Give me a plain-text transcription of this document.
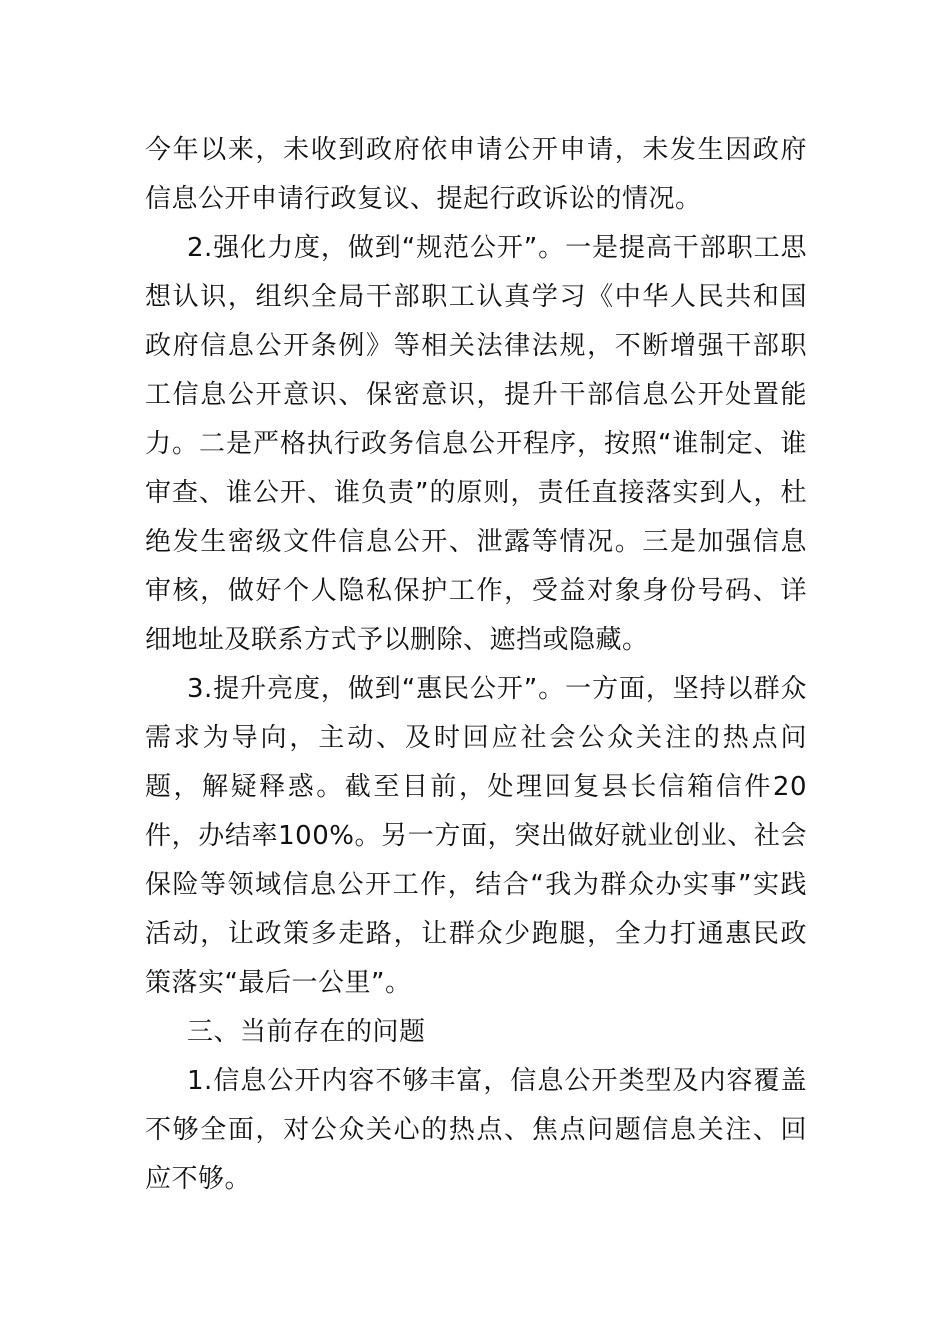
今年以来，未收到政府依申请公开申请，未发生因政府信息公开申请行政复议、提起行政诉讼的情况。

2.强化力度，做到“规范公开”。一是提高干部职工思想认识，组织全局干部职工认真学习《中华人民共和国政府信息公开条例》等相关法律法规，不断增强干部职工信息公开意识、保密意识，提升干部信息公开处置能力。二是严格执行政务信息公开程序，按照“谁制定、谁审查、谁公开、谁负责”的原则，责任直接落实到人，杜绝发生密级文件信息公开、泄露等情况。三是加强信息审核，做好个人隐私保护工作，受益对象身份号码、详细地址及联系方式予以删除、遮挡或隐藏。

3.提升亮度，做到“惠民公开”。一方面，坚持以群众需求为导向，主动、及时回应社会公众关注的热点问题，解疑释惑。截至目前，处理回复县长信箱信件20件，办结率100%。另一方面，突出做好就业创业、社会保险等领域信息公开工作，结合“我为群众办实事”实践活动，让政策多走路，让群众少跑腿，全力打通惠民政策落实“最后一公里”。

三、当前存在的问题

1.信息公开内容不够丰富，信息公开类型及内容覆盖不够全面，对公众关心的热点、焦点问题信息关注、回应不够。
